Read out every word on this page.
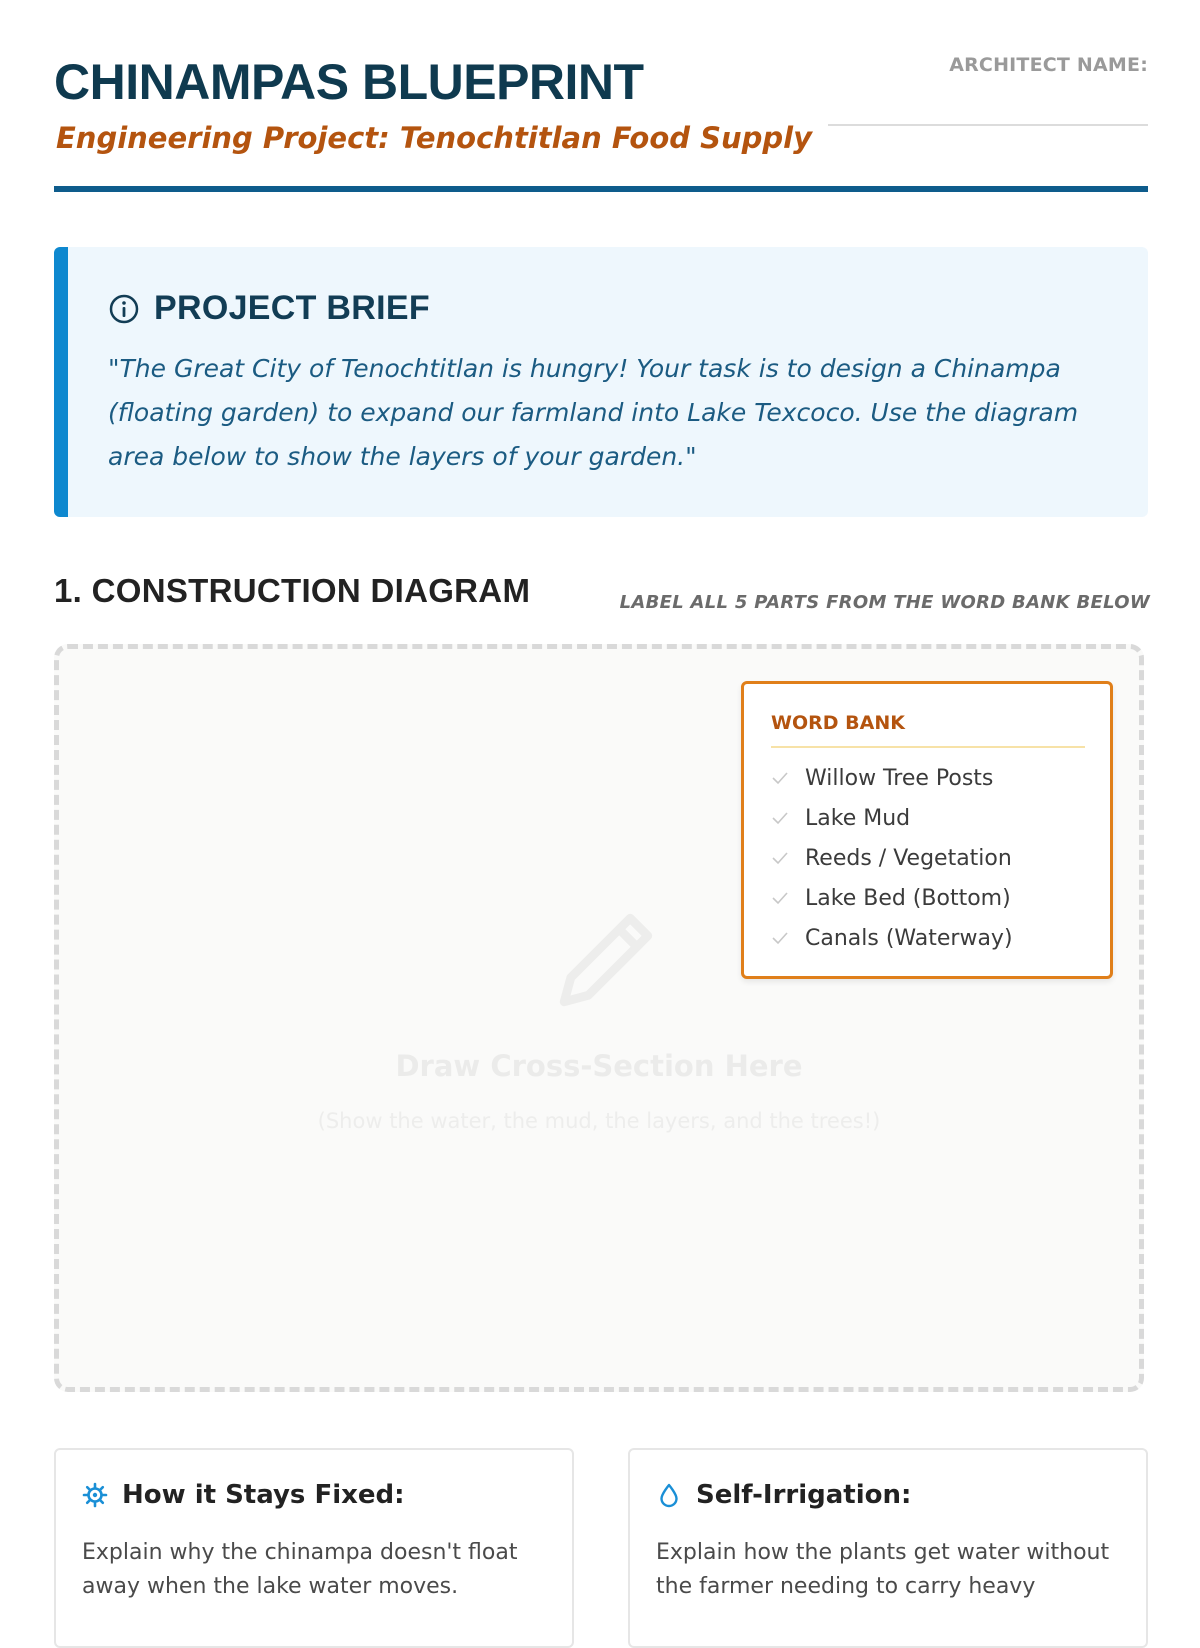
CHINAMPAS BLUEPRINT
Engineering Project: Tenochtitlan Food Supply
ARCHITECT NAME:
PROJECT BRIEF
"The Great City of Tenochtitlan is hungry! Your task is to design a Chinampa (floating garden) to expand our farmland into Lake Texcoco. Use the diagram area below to show the layers of your garden."
1. CONSTRUCTION DIAGRAM	LABEL ALL 5 PARTS FROM THE WORD BANK BELOW
Draw Cross-Section Here
(Show the water, the mud, the layers, and the trees!)
WORD BANK
Willow Tree Posts
Lake Mud
Reeds / Vegetation
Lake Bed (Bottom)
Canals (Waterway)
How it Stays Fixed:
Explain why the chinampa doesn't float away when the lake water moves.
Self-Irrigation:
Explain how the plants get water without the farmer needing to carry heavy
